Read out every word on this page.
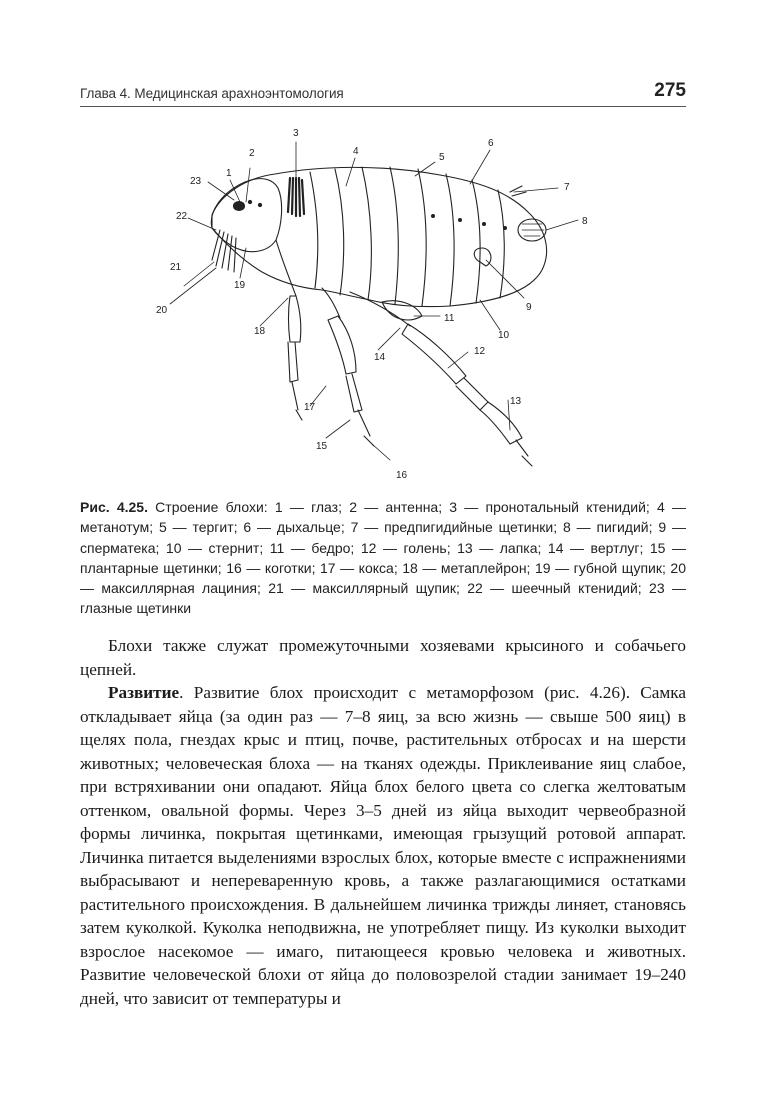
Глава 4. Медицинская арахноэнтомология	275
1
2
3
4
5
6
7
8
9
10
11
12
13
14
15
16
17
18
19
20
21
22
23
Рис. 4.25. Строение блохи: 1 — глаз; 2 — антенна; 3 — пронотальный ктенидий; 4 — метанотум; 5 — тергит; 6 — дыхальце; 7 — предпигидийные щетинки; 8 — пигидий; 9 — сперматека; 10 — стернит; 11 — бедро; 12 — голень; 13 — лапка; 14 — вертлуг; 15 — плантарные щетинки; 16 — коготки; 17 — кокса; 18 — метаплейрон; 19 — губной щупик; 20 — максиллярная лациния; 21 — максиллярный щупик; 22 — шеечный ктенидий; 23 — глазные щетинки

Блохи также служат промежуточными хозяевами крысиного и собачьего цепней.

Развитие. Развитие блох происходит с метаморфозом (рис. 4.26). Самка откладывает яйца (за один раз — 7–8 яиц, за всю жизнь — свыше 500 яиц) в щелях пола, гнездах крыс и птиц, почве, растительных отбросах и на шерсти животных; человеческая блоха — на тканях одежды. Приклеивание яиц слабое, при встряхивании они опадают. Яйца блох белого цвета со слегка желтоватым оттенком, овальной формы. Через 3–5 дней из яйца выходит червеобразной формы личинка, покрытая щетинками, имеющая грызущий ротовой аппарат. Личинка питается выделениями взрослых блох, которые вместе с испражнениями выбрасывают и непереваренную кровь, а также разлагающимися остатками растительного происхождения. В дальнейшем личинка трижды линяет, становясь затем куколкой. Куколка неподвижна, не употребляет пищу. Из куколки выходит взрослое насекомое — имаго, питающееся кровью человека и животных. Развитие человеческой блохи от яйца до половозрелой стадии занимает 19–240 дней, что зависит от температуры и
